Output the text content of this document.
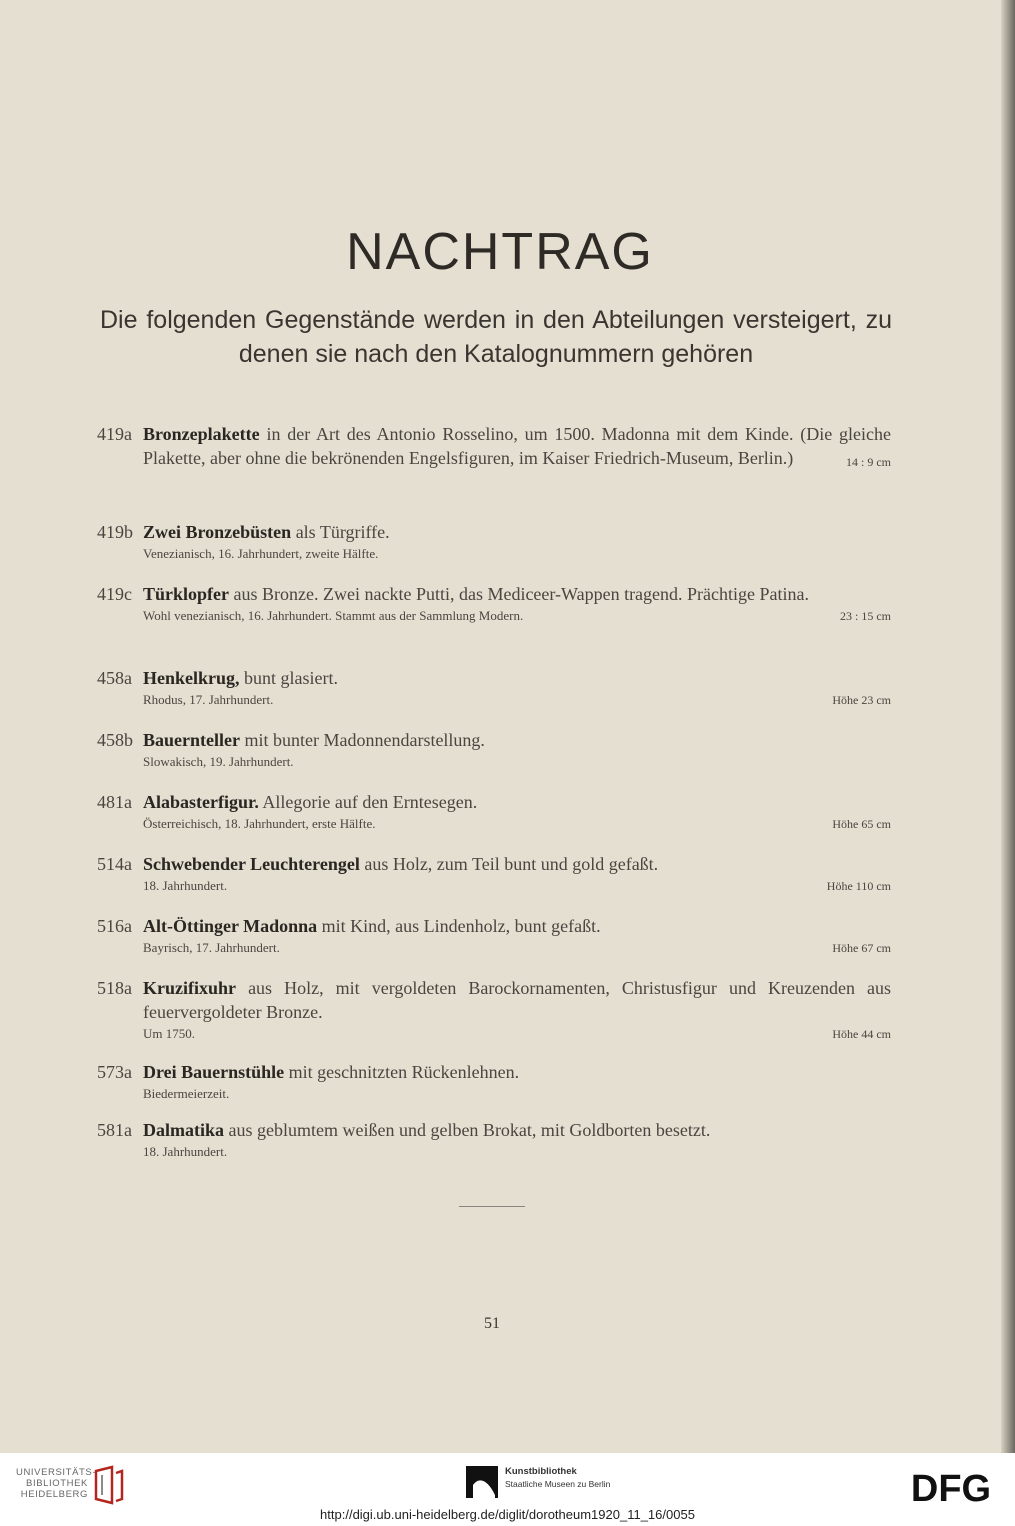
NACHTRAG
Die folgenden Gegenstände werden in den Abteilungen versteigert, zu denen sie nach den Katalognummern gehören
419a Bronzeplakette in der Art des Antonio Rosselino, um 1500. Madonna mit dem Kinde. (Die gleiche Plakette, aber ohne die bekrönenden Engelsfiguren, im Kaiser Friedrich-Museum, Berlin.)	14 : 9 cm
419b Zwei Bronzebüsten als Türgriffe.
Venezianisch, 16. Jahrhundert, zweite Hälfte.
419c Türklopfer aus Bronze. Zwei nackte Putti, das Mediceer-Wappen tragend. Prächtige Patina.
Wohl venezianisch, 16. Jahrhundert. Stammt aus der Sammlung Modern.	23 : 15 cm
458a Henkelkrug, bunt glasiert.
Rhodus, 17. Jahrhundert.	Höhe 23 cm
458b Bauernteller mit bunter Madonnendarstellung.
Slowakisch, 19. Jahrhundert.
481a Alabasterfigur. Allegorie auf den Erntesegen.
Österreichisch, 18. Jahrhundert, erste Hälfte.	Höhe 65 cm
514a Schwebender Leuchterengel aus Holz, zum Teil bunt und gold gefaßt.
18. Jahrhundert.	Höhe 110 cm
516a Alt-Öttinger Madonna mit Kind, aus Lindenholz, bunt gefaßt.
Bayrisch, 17. Jahrhundert.	Höhe 67 cm
518a Kruzifixuhr aus Holz, mit vergoldeten Barockornamenten, Christusfigur und Kreuzenden aus feuervergoldeter Bronze.
Um 1750.	Höhe 44 cm
573a Drei Bauernstühle mit geschnitzten Rückenlehnen.
Biedermeierzeit.
581a Dalmatika aus geblumtem weißen und gelben Brokat, mit Goldborten besetzt.
18. Jahrhundert.
51
UNIVERSITÄTS-
BIBLIOTHEK
HEIDELBERG
Kunstbibliothek
Staatliche Museen zu Berlin	DFG
http://digi.ub.uni-heidelberg.de/diglit/dorotheum1920_11_16/0055
